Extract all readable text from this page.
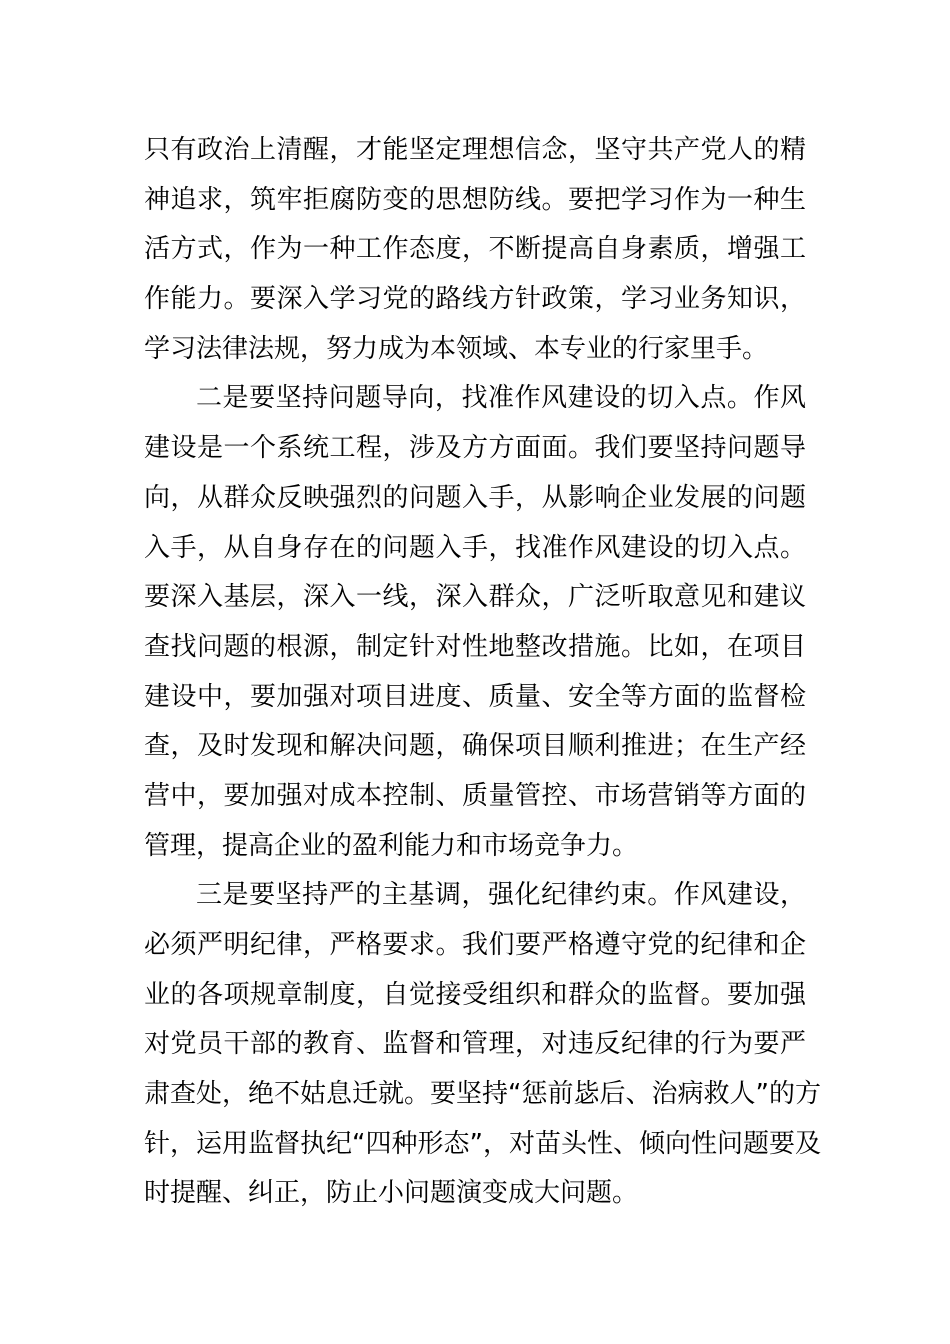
只有政治上清醒，才能坚定理想信念，坚守共产党人的精
神追求，筑牢拒腐防变的思想防线。要把学习作为一种生
活方式，作为一种工作态度，不断提高自身素质，增强工
作能力。要深入学习党的路线方针政策，学习业务知识，
学习法律法规，努力成为本领域、本专业的行家里手。
二是要坚持问题导向，找准作风建设的切入点。作风
建设是一个系统工程，涉及方方面面。我们要坚持问题导
向，从群众反映强烈的问题入手，从影响企业发展的问题
入手，从自身存在的问题入手，找准作风建设的切入点。
要深入基层，深入一线，深入群众，广泛听取意见和建议
查找问题的根源，制定针对性地整改措施。比如，在项目
建设中，要加强对项目进度、质量、安全等方面的监督检
查，及时发现和解决问题，确保项目顺利推进；在生产经
营中，要加强对成本控制、质量管控、市场营销等方面的
管理，提高企业的盈利能力和市场竞争力。
三是要坚持严的主基调，强化纪律约束。作风建设，
必须严明纪律，严格要求。我们要严格遵守党的纪律和企
业的各项规章制度，自觉接受组织和群众的监督。要加强
对党员干部的教育、监督和管理，对违反纪律的行为要严
肃查处，绝不姑息迁就。要坚持“惩前毖后、治病救人”的方
针，运用监督执纪“四种形态”，对苗头性、倾向性问题要及
时提醒、纠正，防止小问题演变成大问题。
